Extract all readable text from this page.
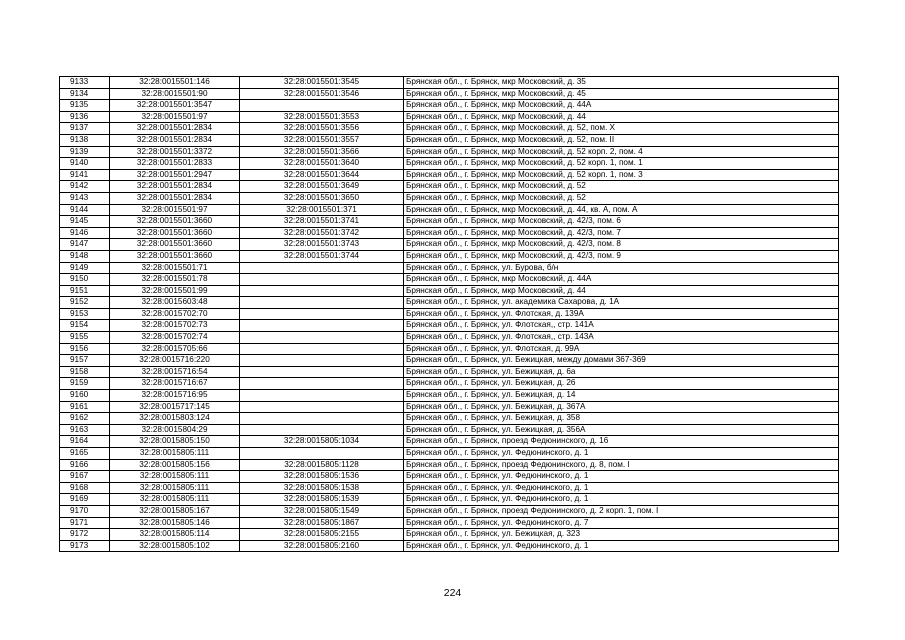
9133	32:28:0015501:146	32:28:0015501:3545	Брянская обл., г. Брянск, мкр Московский, д. 35
9134	32:28:0015501:90	32:28:0015501:3546	Брянская обл., г. Брянск, мкр Московский, д. 45
9135	32:28:0015501:3547		Брянская обл., г. Брянск, мкр Московский, д. 44А
9136	32:28:0015501:97	32:28:0015501:3553	Брянская обл., г. Брянск, мкр Московский, д. 44
9137	32:28:0015501:2834	32:28:0015501:3556	Брянская обл., г. Брянск, мкр Московский, д. 52, пом. X
9138	32:28:0015501:2834	32:28:0015501:3557	Брянская обл., г. Брянск, мкр Московский, д. 52, пом. II
9139	32:28:0015501:3372	32:28:0015501:3566	Брянская обл., г. Брянск, мкр Московский, д. 52 корп. 2, пом. 4
9140	32:28:0015501:2833	32:28:0015501:3640	Брянская обл., г. Брянск, мкр Московский, д. 52 корп. 1, пом. 1
9141	32:28:0015501:2947	32:28:0015501:3644	Брянская обл., г. Брянск, мкр Московский, д. 52 корп. 1, пом. 3
9142	32:28:0015501:2834	32:28:0015501:3649	Брянская обл., г. Брянск, мкр Московский, д. 52
9143	32:28:0015501:2834	32:28:0015501:3650	Брянская обл., г. Брянск, мкр Московский, д. 52
9144	32:28:0015501:97	32:28:0015501:371	Брянская обл., г. Брянск, мкр Московский, д. 44, кв. А, пом. А
9145	32:28:0015501:3660	32:28:0015501:3741	Брянская обл., г. Брянск, мкр Московский, д. 42/3, пом. 6
9146	32:28:0015501:3660	32:28:0015501:3742	Брянская обл., г. Брянск, мкр Московский, д. 42/3, пом. 7
9147	32:28:0015501:3660	32:28:0015501:3743	Брянская обл., г. Брянск, мкр Московский, д. 42/3, пом. 8
9148	32:28:0015501:3660	32:28:0015501:3744	Брянская обл., г. Брянск, мкр Московский, д. 42/3, пом. 9
9149	32:28:0015501:71		Брянская обл., г. Брянск, ул. Бурова, б/н
9150	32:28:0015501:78		Брянская обл., г. Брянск, мкр Московский, д. 44А
9151	32:28:0015501:99		Брянская обл., г. Брянск, мкр Московский, д. 44
9152	32:28:0015603:48		Брянская обл., г. Брянск, ул. академика Сахарова, д. 1А
9153	32:28:0015702:70		Брянская обл., г. Брянск, ул. Флотская, д. 139А
9154	32:28:0015702:73		Брянская обл., г. Брянск, ул. Флотская,, стр. 141А
9155	32:28:0015702:74		Брянская обл., г. Брянск, ул. Флотская,, стр. 143А
9156	32:28:0015705:66		Брянская обл., г. Брянск, ул. Флотская, д. 99А
9157	32:28:0015716:220		Брянская обл., г. Брянск, ул. Бежицкая, между домами 367-369
9158	32:28:0015716:54		Брянская обл., г. Брянск, ул. Бежицкая, д. 6а
9159	32:28:0015716:67		Брянская обл., г. Брянск, ул. Бежицкая, д. 26
9160	32:28:0015716:95		Брянская обл., г. Брянск, ул. Бежицкая, д. 14
9161	32:28:0015717:145		Брянская обл., г. Брянск, ул. Бежицкая, д. 367А
9162	32:28:0015803:124		Брянская обл., г. Брянск, ул. Бежицкая, д. 358
9163	32:28:0015804:29		Брянская обл., г. Брянск, ул. Бежицкая, д. 356А
9164	32:28:0015805:150	32:28:0015805:1034	Брянская обл., г. Брянск, проезд Федюнинского, д. 16
9165	32:28:0015805:111		Брянская обл., г. Брянск, ул. Федюнинского, д. 1
9166	32:28:0015805:156	32:28:0015805:1128	Брянская обл., г. Брянск, проезд Федюнинского, д. 8, пом. I
9167	32:28:0015805:111	32:28:0015805:1536	Брянская обл., г. Брянск, ул. Федюнинского, д. 1
9168	32:28:0015805:111	32:28:0015805:1538	Брянская обл., г. Брянск, ул. Федюнинского, д. 1
9169	32:28:0015805:111	32:28:0015805:1539	Брянская обл., г. Брянск, ул. Федюнинского, д. 1
9170	32:28:0015805:167	32:28:0015805:1549	Брянская обл., г. Брянск, проезд Федюнинского, д. 2 корп. 1, пом. I
9171	32:28:0015805:146	32:28:0015805:1867	Брянская обл., г. Брянск, ул. Федюнинского, д. 7
9172	32:28:0015805:114	32:28:0015805:2155	Брянская обл., г. Брянск, ул. Бежицкая, д. 323
9173	32:28:0015805:102	32:28:0015805:2160	Брянская обл., г. Брянск, ул. Федюнинского, д. 1
224
